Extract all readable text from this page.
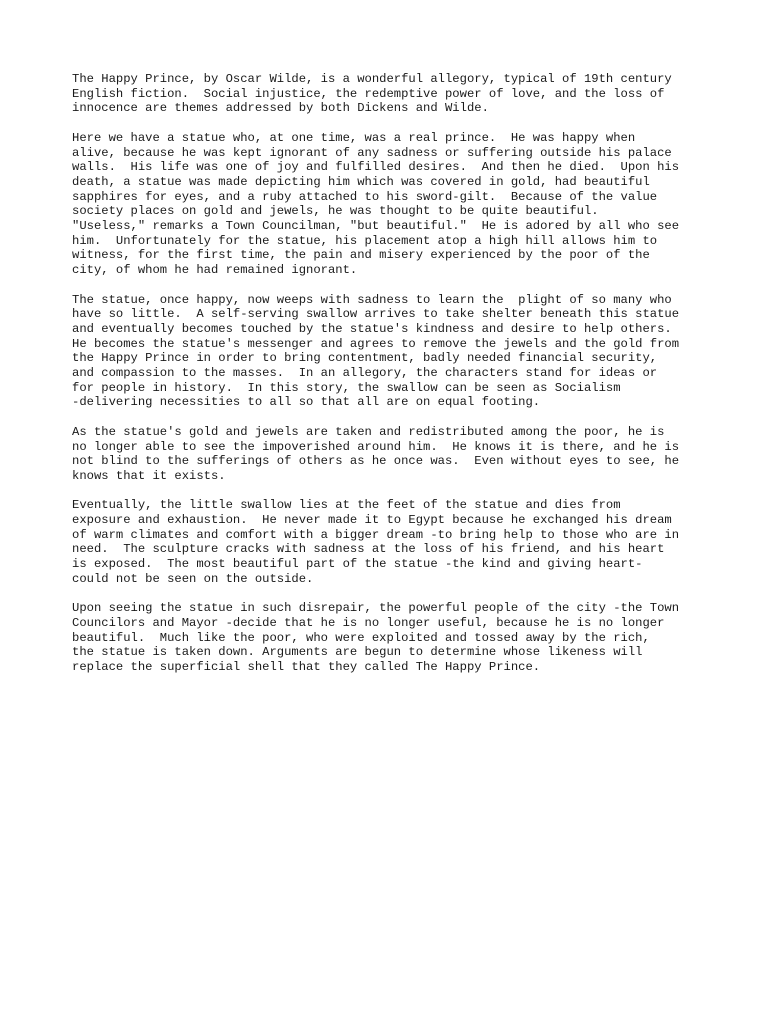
The Happy Prince, by Oscar Wilde, is a wonderful allegory, typical of 19th century
English fiction.  Social injustice, the redemptive power of love, and the loss of
innocence are themes addressed by both Dickens and Wilde.
Here we have a statue who, at one time, was a real prince.  He was happy when
alive, because he was kept ignorant of any sadness or suffering outside his palace
walls.  His life was one of joy and fulfilled desires.  And then he died.  Upon his
death, a statue was made depicting him which was covered in gold, had beautiful
sapphires for eyes, and a ruby attached to his sword-gilt.  Because of the value
society places on gold and jewels, he was thought to be quite beautiful.
"Useless," remarks a Town Councilman, "but beautiful."  He is adored by all who see
him.  Unfortunately for the statue, his placement atop a high hill allows him to
witness, for the first time, the pain and misery experienced by the poor of the
city, of whom he had remained ignorant.
The statue, once happy, now weeps with sadness to learn the  plight of so many who
have so little.  A self-serving swallow arrives to take shelter beneath this statue
and eventually becomes touched by the statue's kindness and desire to help others.
He becomes the statue's messenger and agrees to remove the jewels and the gold from
the Happy Prince in order to bring contentment, badly needed financial security,
and compassion to the masses.  In an allegory, the characters stand for ideas or
for people in history.  In this story, the swallow can be seen as Socialism
-delivering necessities to all so that all are on equal footing.
As the statue's gold and jewels are taken and redistributed among the poor, he is
no longer able to see the impoverished around him.  He knows it is there, and he is
not blind to the sufferings of others as he once was.  Even without eyes to see, he
knows that it exists.
Eventually, the little swallow lies at the feet of the statue and dies from
exposure and exhaustion.  He never made it to Egypt because he exchanged his dream
of warm climates and comfort with a bigger dream -to bring help to those who are in
need.  The sculpture cracks with sadness at the loss of his friend, and his heart
is exposed.  The most beautiful part of the statue -the kind and giving heart-
could not be seen on the outside.
Upon seeing the statue in such disrepair, the powerful people of the city -the Town
Councilors and Mayor -decide that he is no longer useful, because he is no longer
beautiful.  Much like the poor, who were exploited and tossed away by the rich,
the statue is taken down. Arguments are begun to determine whose likeness will
replace the superficial shell that they called The Happy Prince.
